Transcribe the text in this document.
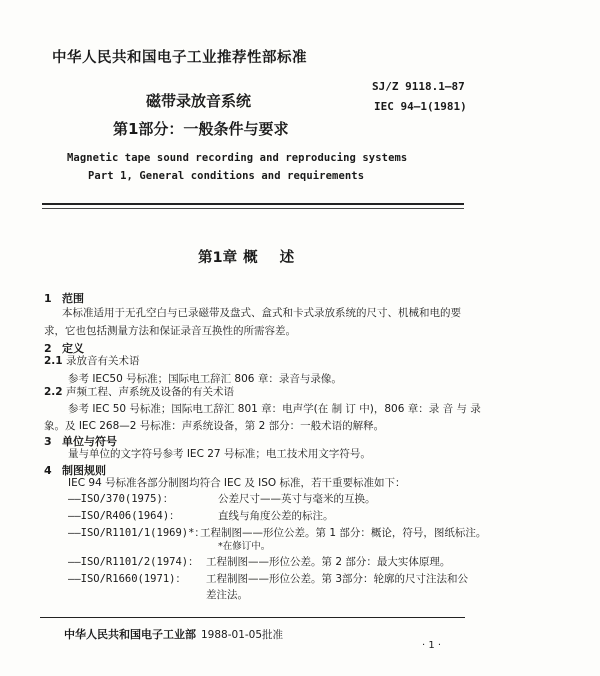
中华人民共和国电子工业推荐性部标准
SJ/Z 9118.1—87
IEC 94—1(1981)
磁带录放音系统
第1部分：一般条件与要求
Magnetic tape sound recording and reproducing systems
Part 1, General conditions and requirements
第1章 概述
1 范围
本标准适用于无孔空白与已录磁带及盘式、盒式和卡式录放系统的尺寸、机械和电的要
求，它也包括测量方法和保证录音互换性的所需容差。
2 定义
2.1 录放音有关术语
参考 IEC50 号标准；国际电工辞汇 806 章：录音与录像。
2.2 声频工程、声系统及设备的有关术语
参考 IEC 50 号标准；国际电工辞汇 801 章：电声学(在 制 订 中)，806 章：录 音 与 录
象。及 IEC 268—2 号标准：声系统设备，第 2 部分：一般术语的解释。
3 单位与符号
量与单位的文字符号参考 IEC 27 号标准；电工技术用文字符号。
4 制图规则
IEC 94 号标准各部分制图均符合 IEC 及 ISO 标准，若干重要标准如下：
——ISO/370(1975)：	公差尺寸——英寸与毫米的互换。
——ISO/R406(1964)：	直线与角度公差的标注。
——ISO/R1101/1(1969)*：工程制图——形位公差。第 1 部分：概论，符号，图纸标注。
*在修订中。
——ISO/R1101/2(1974)： 工程制图——形位公差。第 2 部分：最大实体原理。
——ISO/R1660(1971)： 工程制图——形位公差。第 3部分：轮廓的尺寸注法和公
差注法。
中华人民共和国电子工业部 1988-01-05批准
· 1 ·
